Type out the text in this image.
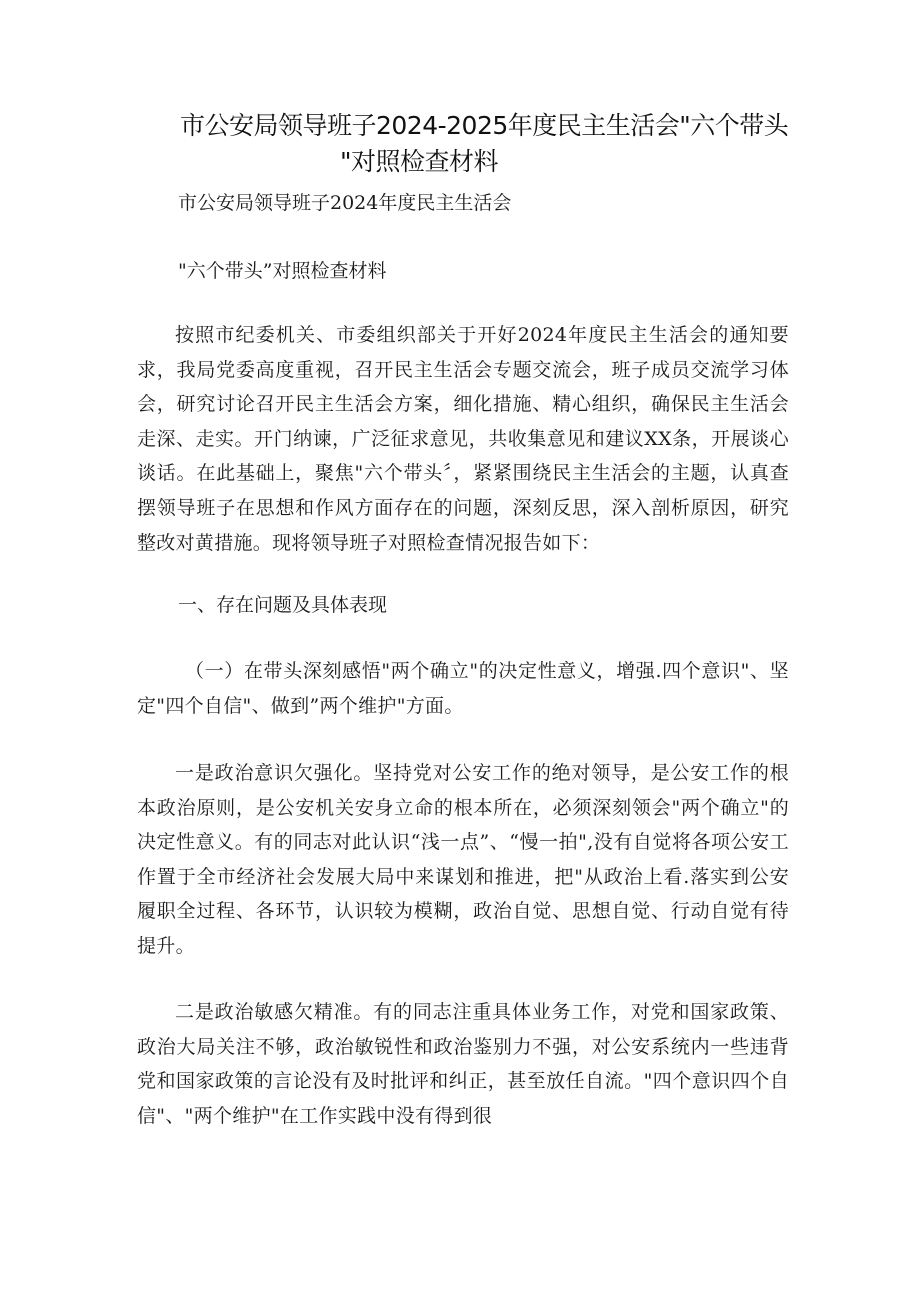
市公安局领导班子2024-2025年度民主生活会"六个带头
"对照检查材料
市公安局领导班子2024年度民主生活会
"六个带头”对照检查材料

按照市纪委机关、市委组织部关于开好2024年度民主生活会的通知要求，我局党委高度重视，召开民主生活会专题交流会，班子成员交流学习体会，研究讨论召开民主生活会方案，细化措施、精心组织，确保民主生活会走深、走实。开门纳谏，广泛征求意见，共收集意见和建议XX条，开展谈心谈话。在此基础上，聚焦"六个带头〞，紧紧围绕民主生活会的主题，认真查摆领导班子在思想和作风方面存在的问题，深刻反思，深入剖析原因，研究整改对黄措施。现将领导班子对照检查情况报告如下：

一、存在问题及具体表现

（一）在带头深刻感悟"两个确立"的决定性意义，增强.四个意识"、坚定"四个自信"、做到”两个维护"方面。

一是政治意识欠强化。坚持党对公安工作的绝对领导，是公安工作的根本政治原则，是公安机关安身立命的根本所在，必须深刻领会"两个确立"的决定性意义。有的同志对此认识“浅一点”、“慢一拍",没有自觉将各项公安工作置于全市经济社会发展大局中来谋划和推进，把"从政治上看.落实到公安履职全过程、各环节，认识较为模糊，政治自觉、思想自觉、行动自觉有待提升。

二是政治敏感欠精准。有的同志注重具体业务工作，对党和国家政策、政治大局关注不够，政治敏锐性和政治鉴别力不强，对公安系统内一些违背党和国家政策的言论没有及时批评和纠正，甚至放任自流。"四个意识四个自信"、"两个维护"在工作实践中没有得到很
